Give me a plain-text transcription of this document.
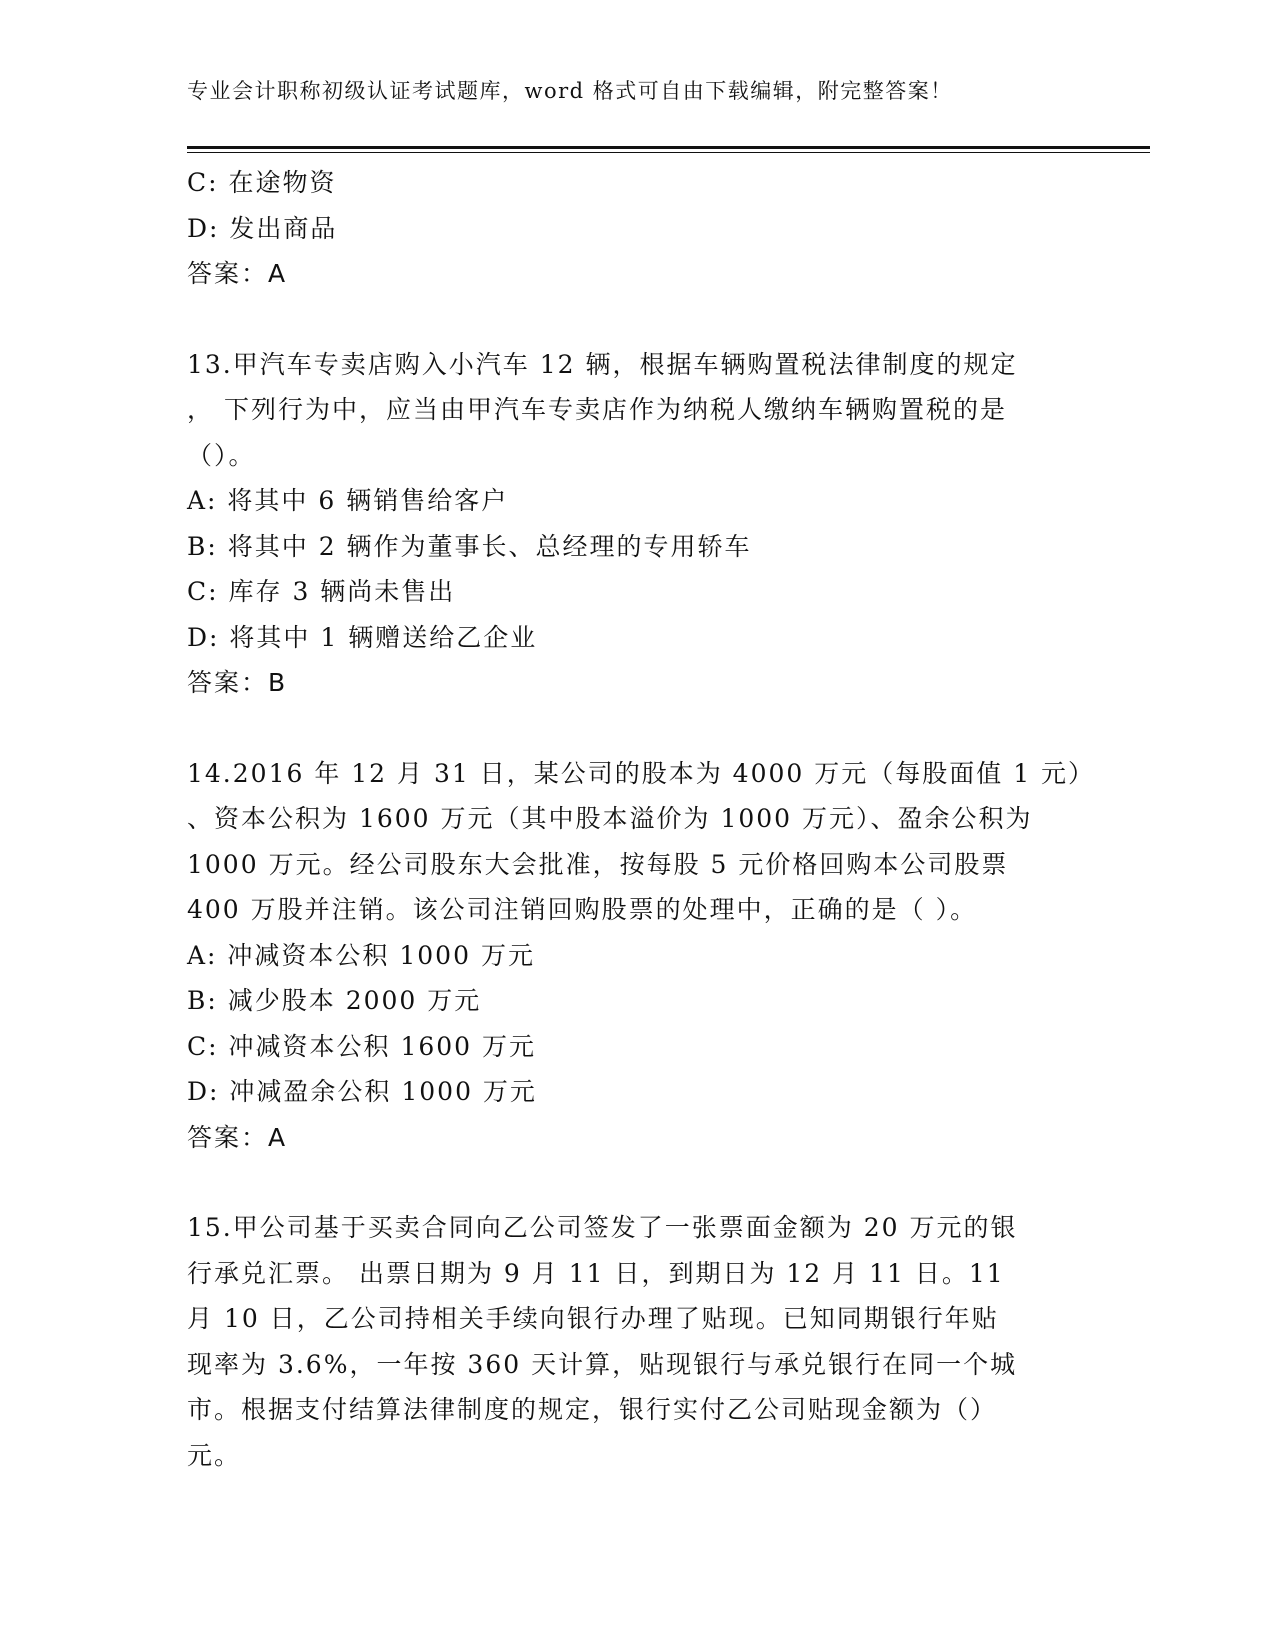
专业会计职称初级认证考试题库，word 格式可自由下载编辑，附完整答案！
C: 在途物资
D: 发出商品
答案：A
13.甲汽车专卖店购入小汽车 12 辆，根据车辆购置税法律制度的规定
， 下列行为中，应当由甲汽车专卖店作为纳税人缴纳车辆购置税的是
（）。
A: 将其中 6 辆销售给客户
B: 将其中 2 辆作为董事长、总经理的专用轿车
C: 库存 3 辆尚未售出
D: 将其中 1 辆赠送给乙企业
答案：B
14.2016 年 12 月 31 日，某公司的股本为 4000 万元（每股面值 1 元）
、资本公积为 1600 万元（其中股本溢价为 1000 万元）、盈余公积为
1000 万元。经公司股东大会批准，按每股 5 元价格回购本公司股票
400 万股并注销。该公司注销回购股票的处理中，正确的是（ ）。
A: 冲减资本公积 1000 万元
B: 减少股本 2000 万元
C: 冲减资本公积 1600 万元
D: 冲减盈余公积 1000 万元
答案：A
15.甲公司基于买卖合同向乙公司签发了一张票面金额为 20 万元的银
行承兑汇票。 出票日期为 9 月 11 日，到期日为 12 月 11 日。11
月 10 日，乙公司持相关手续向银行办理了贴现。已知同期银行年贴
现率为 3.6%，一年按 360 天计算，贴现银行与承兑银行在同一个城
市。根据支付结算法律制度的规定，银行实付乙公司贴现金额为（）
元。
